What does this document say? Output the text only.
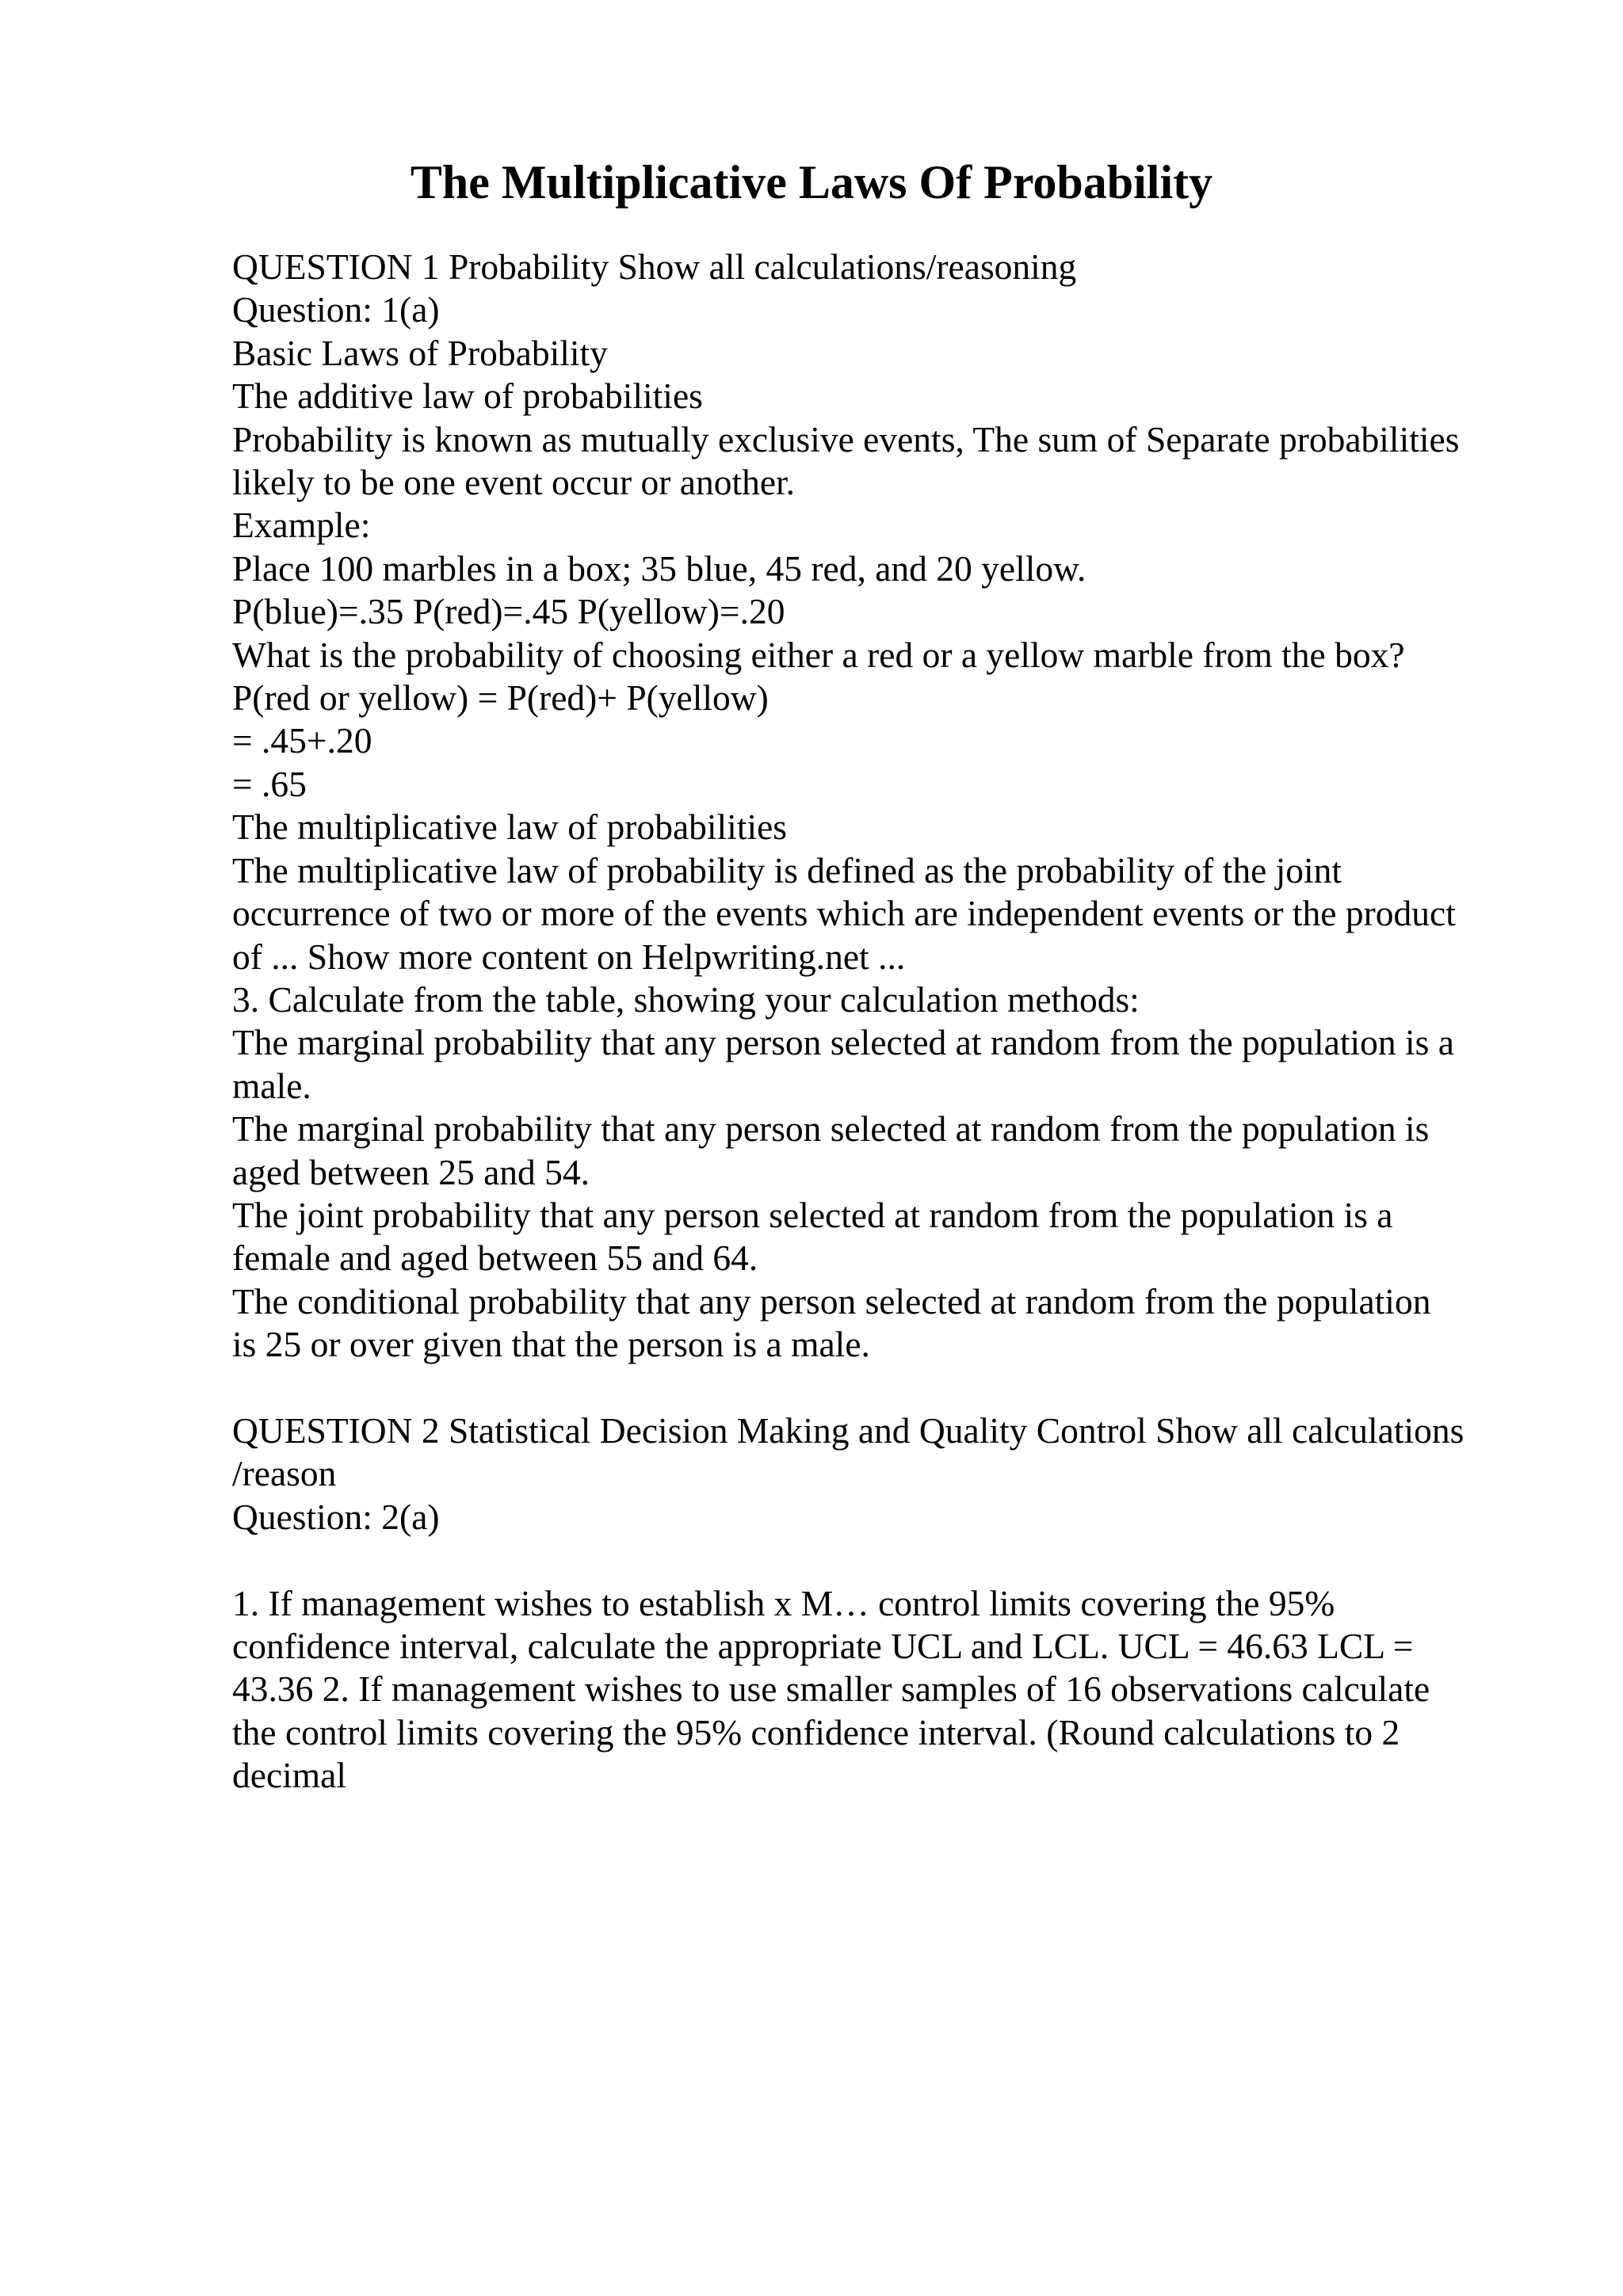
The Multiplicative Laws Of Probability
QUESTION 1 Probability Show all calculations/reasoning
Question: 1(a)
Basic Laws of Probability
The additive law of probabilities
Probability is known as mutually exclusive events, The sum of Separate probabilities
likely to be one event occur or another.
Example:
Place 100 marbles in a box; 35 blue, 45 red, and 20 yellow.
P(blue)=.35 P(red)=.45 P(yellow)=.20
What is the probability of choosing either a red or a yellow marble from the box?
P(red or yellow) = P(red)+ P(yellow)
= .45+.20
= .65
The multiplicative law of probabilities
The multiplicative law of probability is defined as the probability of the joint
occurrence of two or more of the events which are independent events or the product
of ... Show more content on Helpwriting.net ...
3. Calculate from the table, showing your calculation methods:
The marginal probability that any person selected at random from the population is a
male.
The marginal probability that any person selected at random from the population is
aged between 25 and 54.
The joint probability that any person selected at random from the population is a
female and aged between 55 and 64.
The conditional probability that any person selected at random from the population
is 25 or over given that the person is a male.
QUESTION 2 Statistical Decision Making and Quality Control Show all calculations
/reason
Question: 2(a)
1. If management wishes to establish x M… control limits covering the 95%
confidence interval, calculate the appropriate UCL and LCL. UCL = 46.63 LCL =
43.36 2. If management wishes to use smaller samples of 16 observations calculate
the control limits covering the 95% confidence interval. (Round calculations to 2
decimal
